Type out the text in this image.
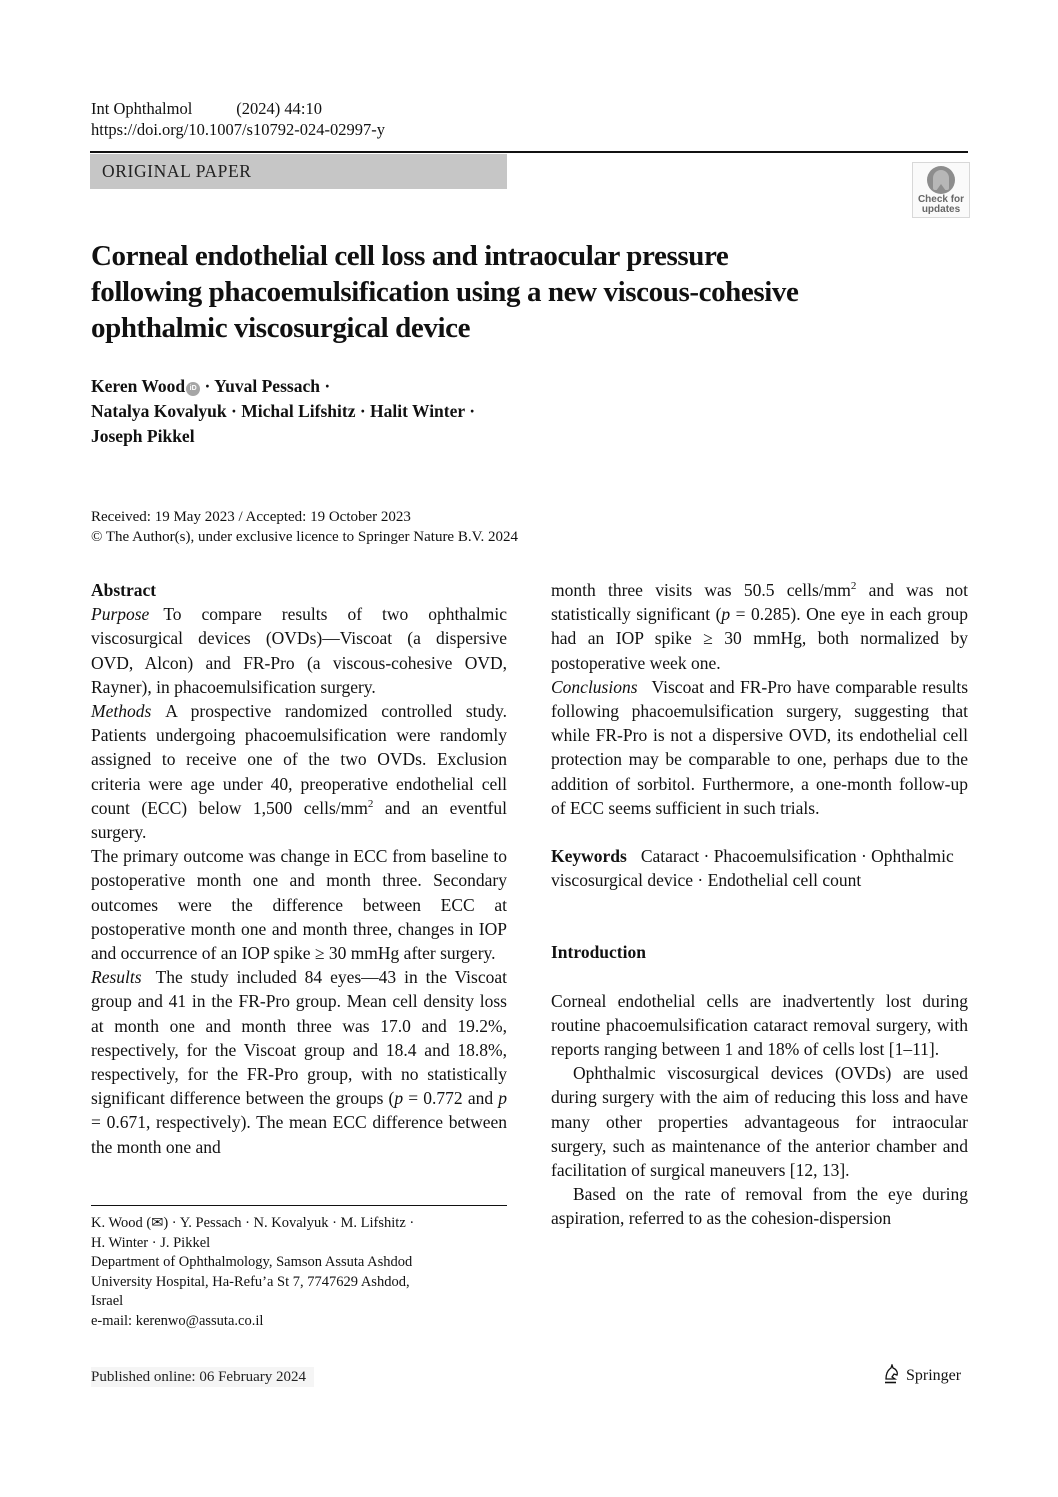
Int Ophthalmol	(2024) 44:10
https://doi.org/10.1007/s10792-024-02997-y
ORIGINAL PAPER
Check for
updates
Corneal endothelial cell loss and intraocular pressure
following phacoemulsification using a new viscous-cohesive
ophthalmic viscosurgical device
Keren Wood iD · Yuval Pessach ·
Natalya Kovalyuk · Michal Lifshitz · Halit Winter ·
Joseph Pikkel
Received: 19 May 2023 / Accepted: 19 October 2023
© The Author(s), under exclusive licence to Springer Nature B.V. 2024

Abstract

Purpose To compare results of two ophthalmic viscosurgical devices (OVDs)—Viscoat (a dispersive OVD, Alcon) and FR-Pro (a viscous-cohesive OVD, Rayner), in phacoemulsification surgery.

Methods A prospective randomized controlled study. Patients undergoing phacoemulsification were randomly assigned to receive one of the two OVDs. Exclusion criteria were age under 40, preoperative endothelial cell count (ECC) below 1,500 cells/$mm^2$ and an eventful surgery.

The primary outcome was change in ECC from baseline to postoperative month one and month three. Secondary outcomes were the difference between ECC at postoperative month one and month three, changes in IOP and occurrence of an IOP spike ≥ 30 mmHg after surgery.

Results The study included 84 eyes—43 in the Viscoat group and 41 in the FR-Pro group. Mean cell density loss at month one and month three was 17.0 and 19.2%, respectively, for the Viscoat group and 18.4 and 18.8%, respectively, for the FR-Pro group, with no statistically significant difference between the groups (p = 0.772 and p = 0.671, respectively). The mean ECC difference between the month one and

K. Wood (✉) · Y. Pessach · N. Kovalyuk · M. Lifshitz ·
H. Winter · J. Pikkel
Department of Ophthalmology, Samson Assuta Ashdod
University Hospital, Ha-Refu’a St 7, 7747629 Ashdod,
Israel
e-mail: kerenwo@assuta.co.il

month three visits was 50.5 cells/$mm^2$ and was not statistically significant (p = 0.285). One eye in each group had an IOP spike ≥ 30 mmHg, both normalized by postoperative week one.

Conclusions Viscoat and FR-Pro have comparable results following phacoemulsification surgery, suggesting that while FR-Pro is not a dispersive OVD, its endothelial cell protection may be comparable to one, perhaps due to the addition of sorbitol. Furthermore, a one-month follow-up of ECC seems sufficient in such trials.

Keywords Cataract · Phacoemulsification · Ophthalmic viscosurgical device · Endothelial cell count

Introduction

Corneal endothelial cells are inadvertently lost during routine phacoemulsification cataract removal surgery, with reports ranging between 1 and 18% of cells lost [1–11].

Ophthalmic viscosurgical devices (OVDs) are used during surgery with the aim of reducing this loss and have many other properties advantageous for intraocular surgery, such as maintenance of the anterior chamber and facilitation of surgical maneuvers [12, 13].

Based on the rate of removal from the eye during aspiration, referred to as the cohesion-dispersion

Published online: 06 February 2024	Springer
